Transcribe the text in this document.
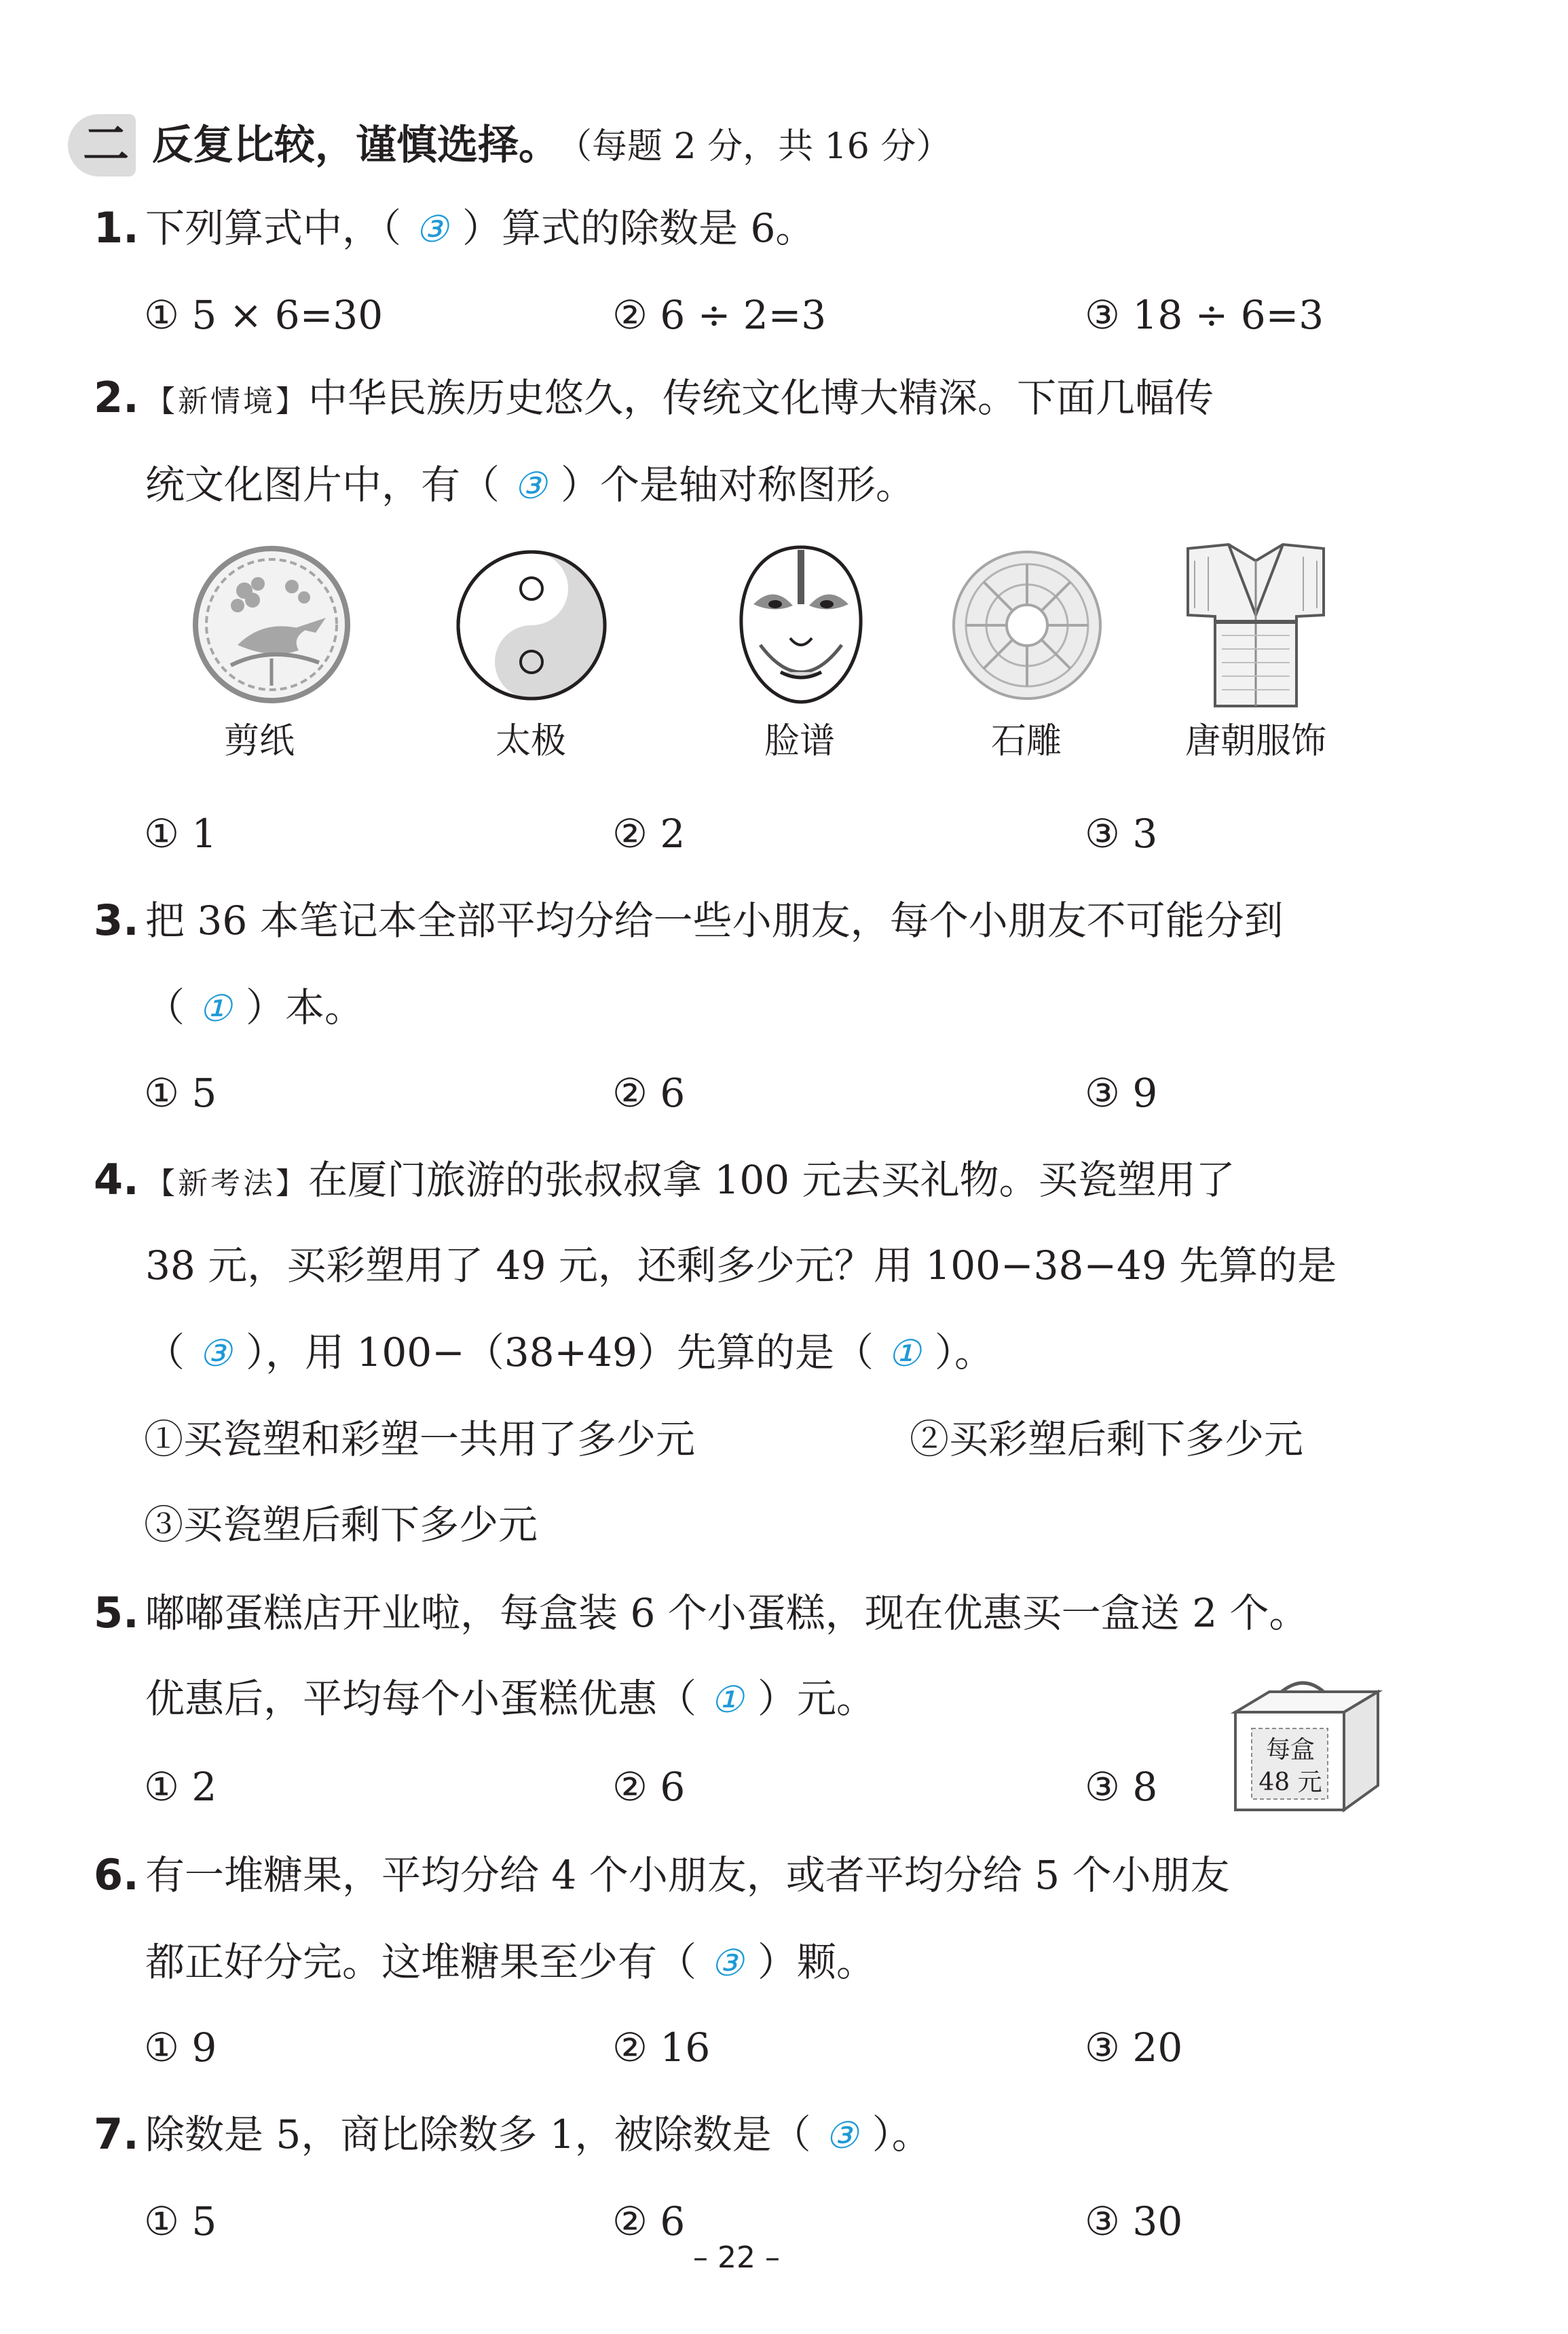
二 反复比较，谨慎选择。
（每题 2 分，共 16 分）
1. 下列算式中，（ ③ ）算式的除数是 6。
① 5 × 6=30	② 6 ÷ 2=3	③ 18 ÷ 6=3
2. 【新情境】中华民族历史悠久，传统文化博大精深。下面几幅传
统文化图片中，有（ ③ ）个是轴对称图形。
剪纸	太极	脸谱	石雕	唐朝服饰
① 1	② 2	③ 3
3. 把 36 本笔记本全部平均分给一些小朋友，每个小朋友不可能分到
（ ① ）本。
① 5	② 6	③ 9
4. 【新考法】在厦门旅游的张叔叔拿 100 元去买礼物。买瓷塑用了
38 元，买彩塑用了 49 元，还剩多少元？用 100−38−49 先算的是
（ ③ ），用 100−（38+49）先算的是（ ① ）。
①买瓷塑和彩塑一共用了多少元	②买彩塑后剩下多少元
③买瓷塑后剩下多少元
5. 嘟嘟蛋糕店开业啦，每盒装 6 个小蛋糕，现在优惠买一盒送 2 个。
优惠后，平均每个小蛋糕优惠（ ① ）元。
① 2	② 6	③ 8
每盒
48 元
6. 有一堆糖果，平均分给 4 个小朋友，或者平均分给 5 个小朋友
都正好分完。这堆糖果至少有（ ③ ）颗。
① 9	② 16	③ 20
7. 除数是 5，商比除数多 1，被除数是（ ③ ）。
① 5	② 6	③ 30
– 22 –
